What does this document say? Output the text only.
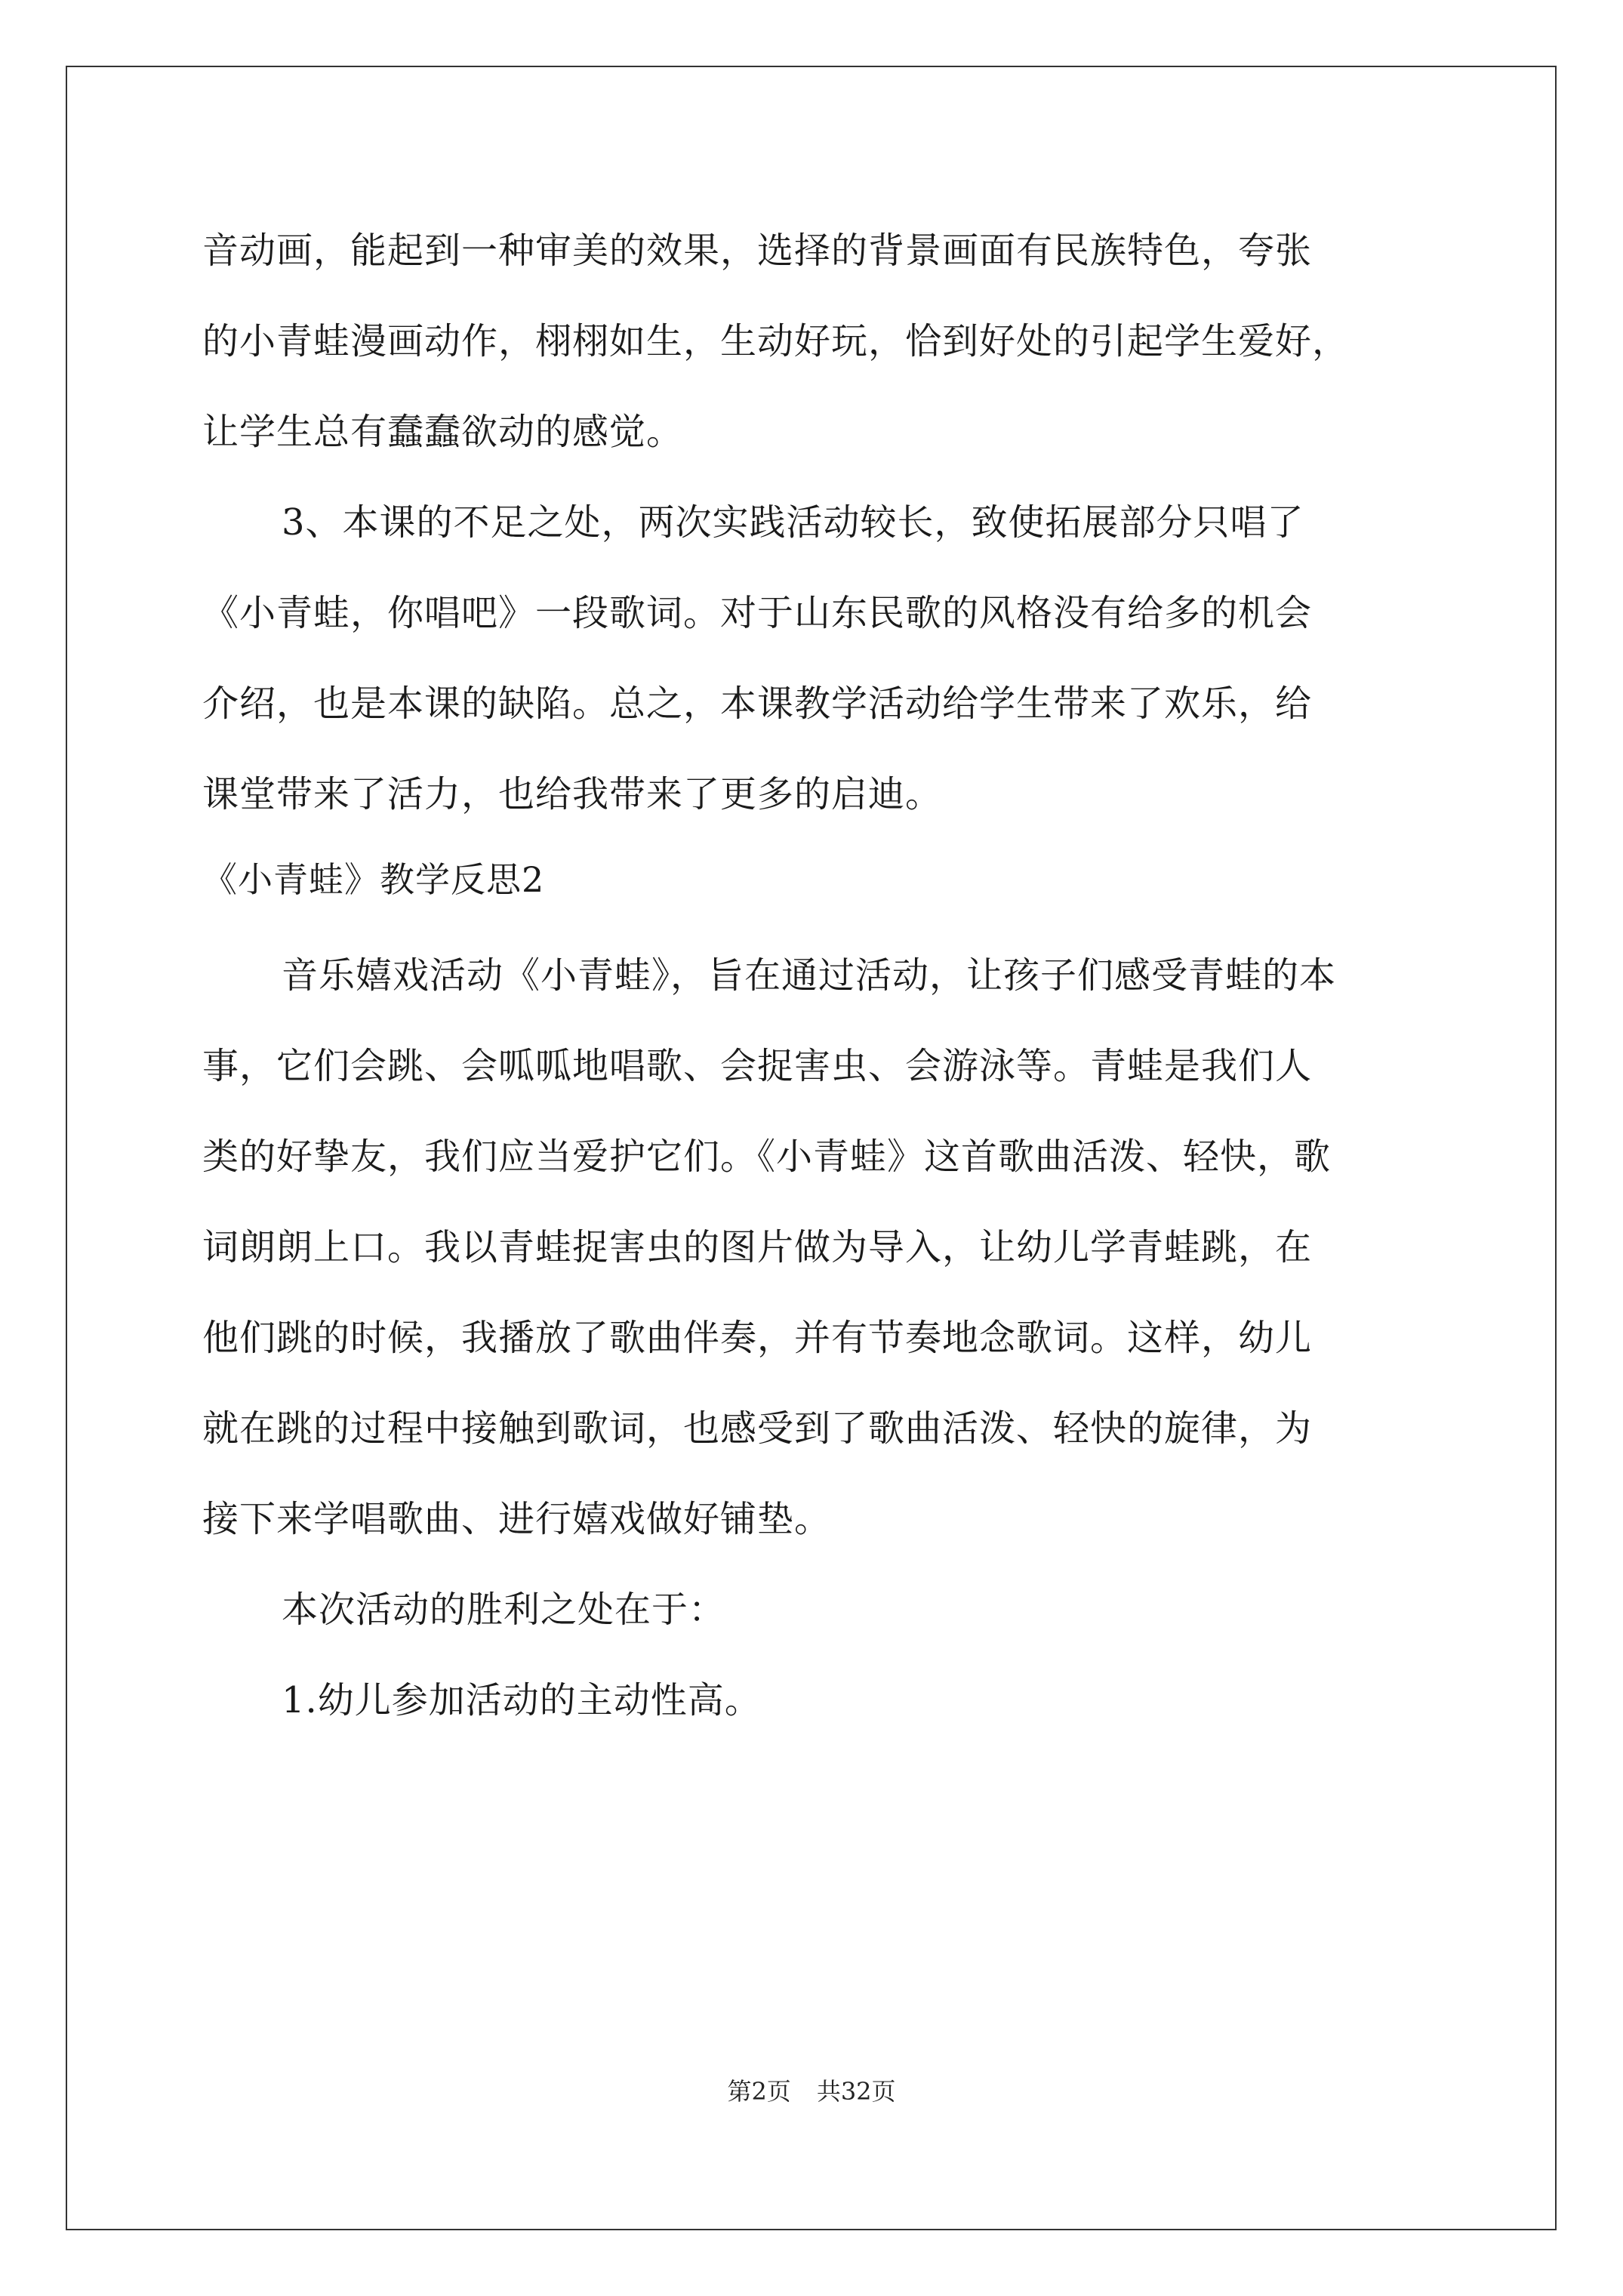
音动画，能起到一种审美的效果，选择的背景画面有民族特色，夸张
的小青蛙漫画动作，栩栩如生，生动好玩，恰到好处的引起学生爱好，
让学生总有蠢蠢欲动的感觉。
3、本课的不足之处，两次实践活动较长，致使拓展部分只唱了
《小青蛙，你唱吧》一段歌词。对于山东民歌的风格没有给多的机会
介绍，也是本课的缺陷。总之，本课教学活动给学生带来了欢乐，给
课堂带来了活力，也给我带来了更多的启迪。
《小青蛙》教学反思2
音乐嬉戏活动《小青蛙》，旨在通过活动，让孩子们感受青蛙的本
事，它们会跳、会呱呱地唱歌、会捉害虫、会游泳等。青蛙是我们人
类的好挚友，我们应当爱护它们。《小青蛙》这首歌曲活泼、轻快，歌
词朗朗上口。我以青蛙捉害虫的图片做为导入，让幼儿学青蛙跳，在
他们跳的时候，我播放了歌曲伴奏，并有节奏地念歌词。这样，幼儿
就在跳的过程中接触到歌词，也感受到了歌曲活泼、轻快的旋律，为
接下来学唱歌曲、进行嬉戏做好铺垫。
本次活动的胜利之处在于：
1.幼儿参加活动的主动性高。
第2页 共32页
